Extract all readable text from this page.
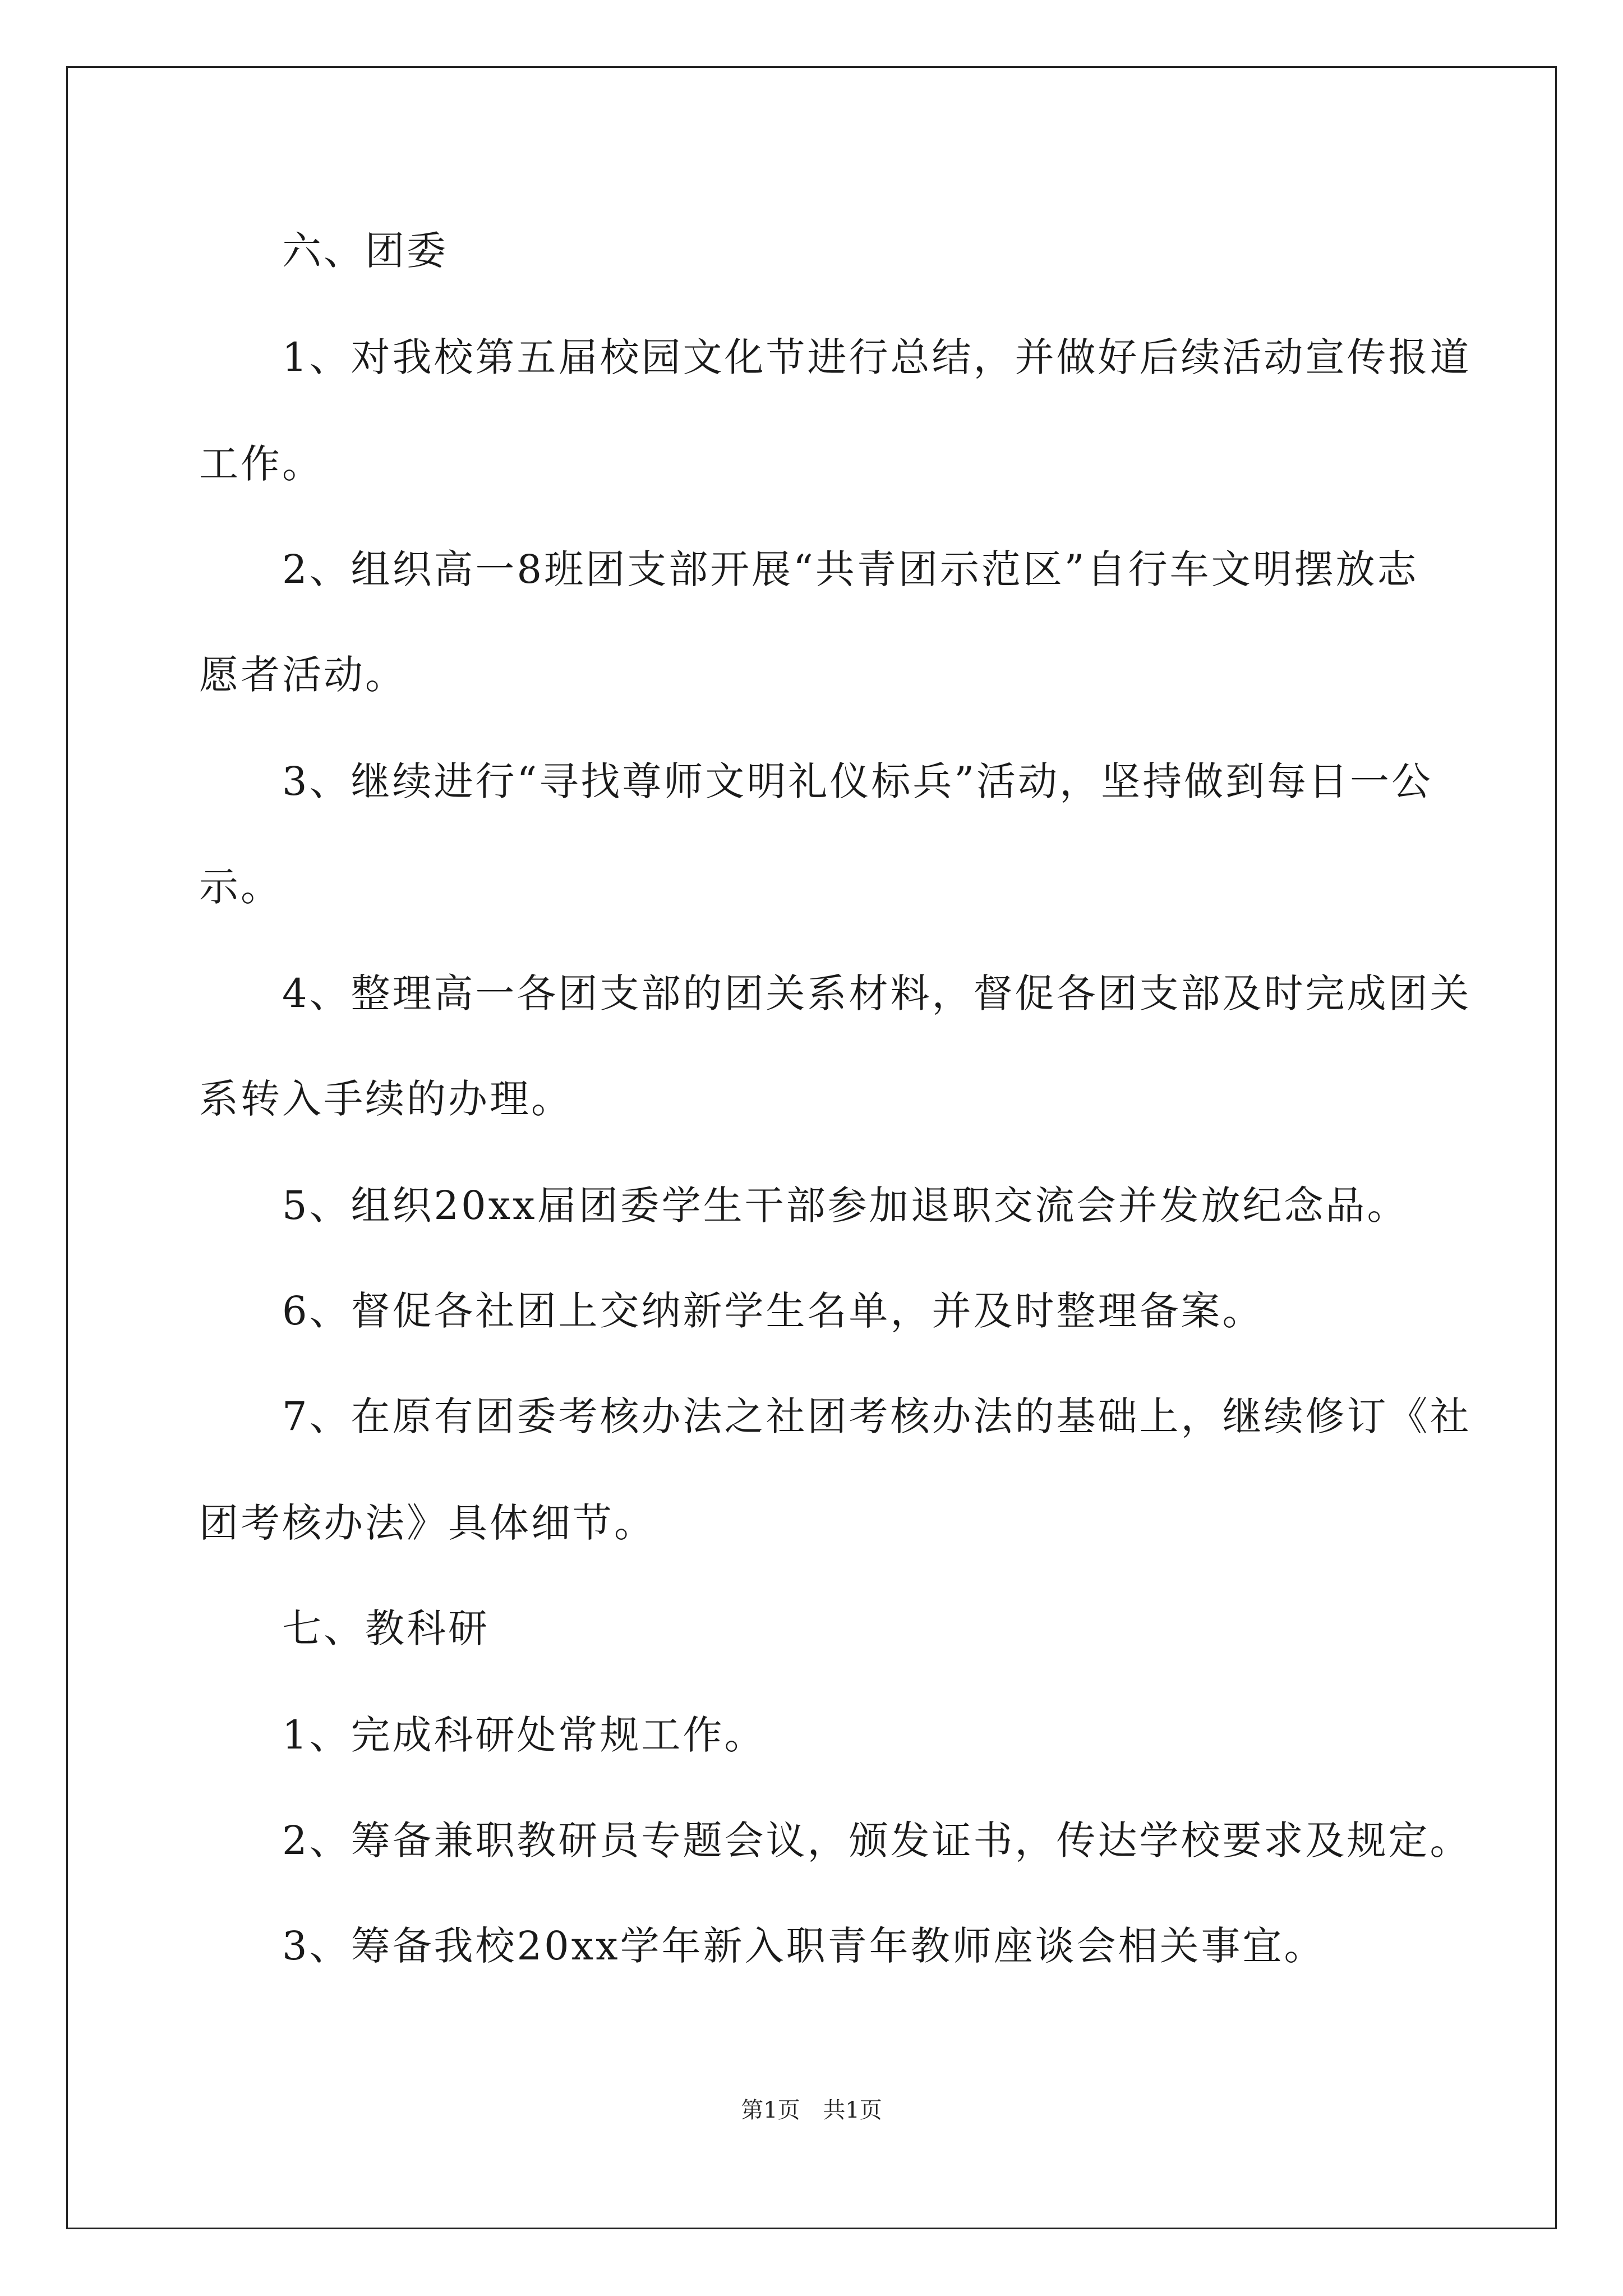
六、团委
1、对我校第五届校园文化节进行总结，并做好后续活动宣传报道
工作。
2、组织高一8班团支部开展“共青团示范区”自行车文明摆放志
愿者活动。
3、继续进行“寻找尊师文明礼仪标兵”活动，坚持做到每日一公
示。
4、整理高一各团支部的团关系材料，督促各团支部及时完成团关
系转入手续的办理。
5、组织20xx届团委学生干部参加退职交流会并发放纪念品。
6、督促各社团上交纳新学生名单，并及时整理备案。
7、在原有团委考核办法之社团考核办法的基础上，继续修订《社
团考核办法》具体细节。
七、教科研
1、完成科研处常规工作。
2、筹备兼职教研员专题会议，颁发证书，传达学校要求及规定。
3、筹备我校20xx学年新入职青年教师座谈会相关事宜。
第1页 共1页
